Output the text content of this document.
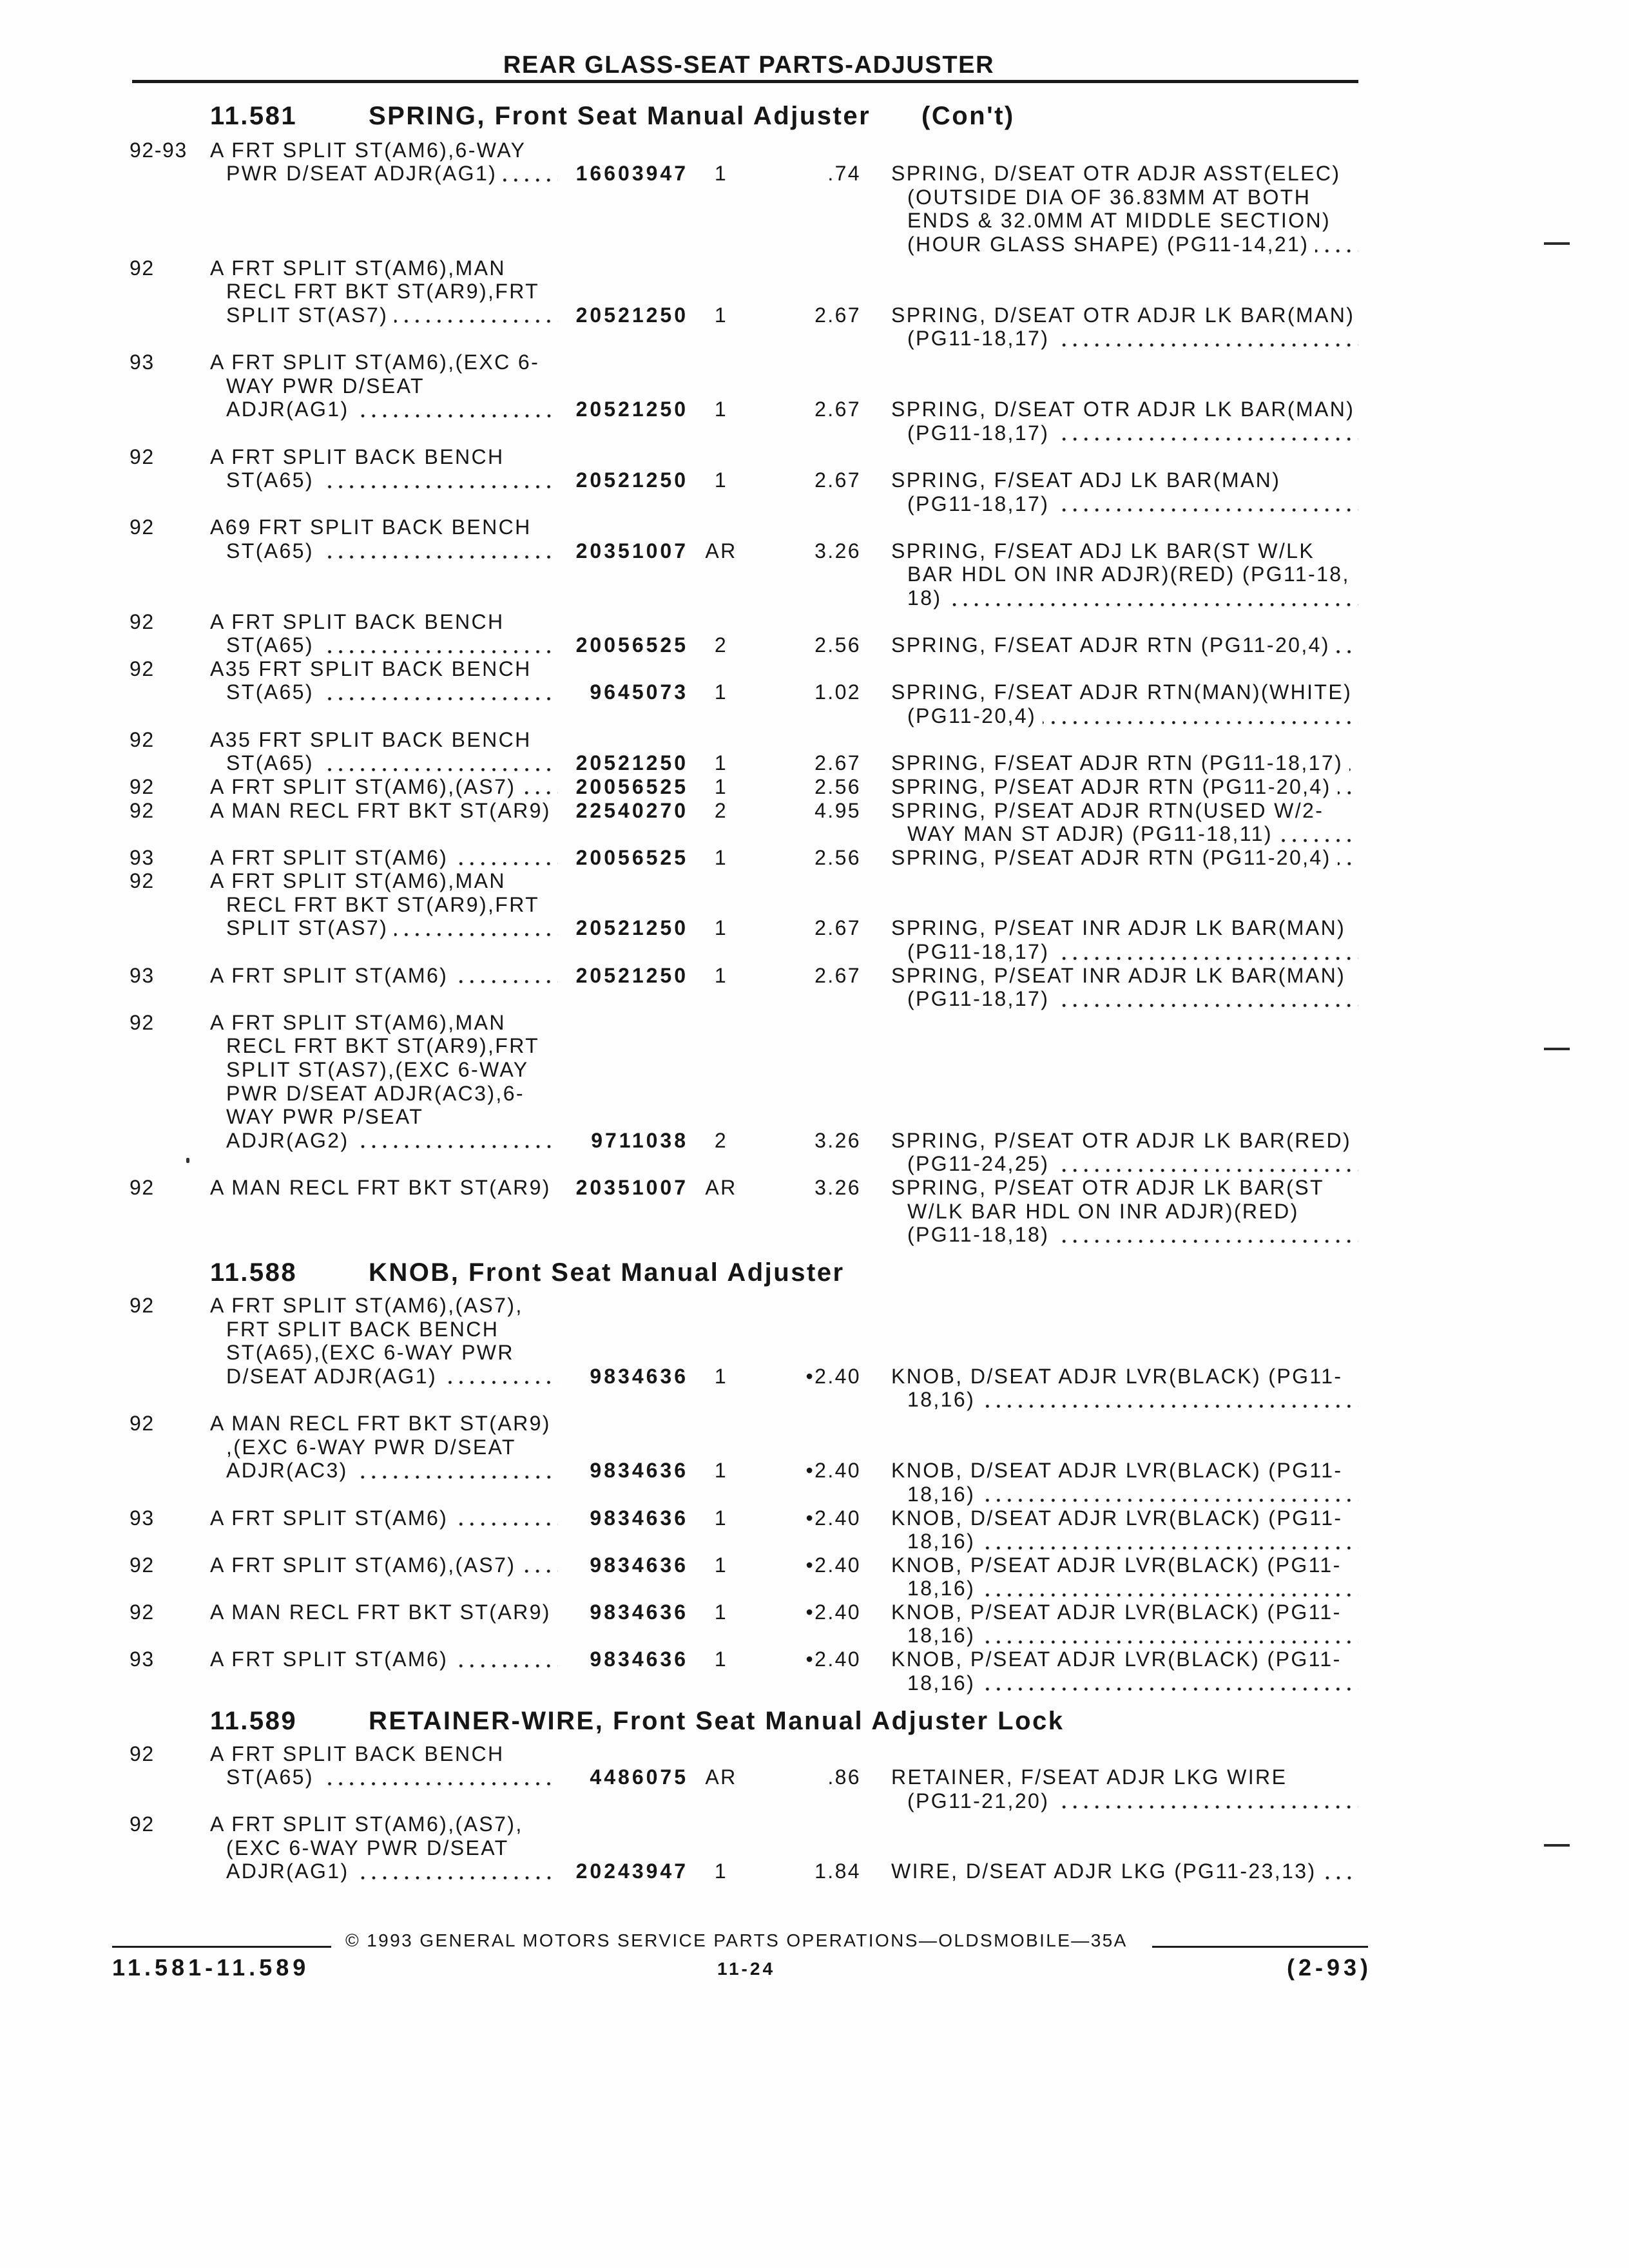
REAR GLASS-SEAT PARTS-ADJUSTER
© 1993 GENERAL MOTORS SERVICE PARTS OPERATIONS—OLDSMOBILE—35A
11.581-11.589	11-24	(2-93)
11.581	SPRING, Front Seat Manual Adjuster (Con't)
92-93 A FRT SPLIT ST(AM6),6-WAY
PWR D/SEAT ADJR(AG1)	16603947	1	.74 SPRING, D/SEAT OTR ADJR ASST(ELEC)
(OUTSIDE DIA OF 36.83MM AT BOTH
ENDS & 32.0MM AT MIDDLE SECTION)
(HOUR GLASS SHAPE) (PG11-14,21)
92	A FRT SPLIT ST(AM6),MAN
RECL FRT BKT ST(AR9),FRT
SPLIT ST(AS7)	20521250	1	2.67 SPRING, D/SEAT OTR ADJR LK BAR(MAN)
(PG11-18,17)
93	A FRT SPLIT ST(AM6),(EXC 6-
WAY PWR D/SEAT
ADJR(AG1)	20521250	1	2.67 SPRING, D/SEAT OTR ADJR LK BAR(MAN)
(PG11-18,17)
92	A FRT SPLIT BACK BENCH
ST(A65)	20521250	1	2.67 SPRING, F/SEAT ADJ LK BAR(MAN)
(PG11-18,17)
92	A69 FRT SPLIT BACK BENCH
ST(A65)	20351007 AR	3.26 SPRING, F/SEAT ADJ LK BAR(ST W/LK
BAR HDL ON INR ADJR)(RED) (PG11-18,
18)
92	A FRT SPLIT BACK BENCH
ST(A65)	20056525	2	2.56 SPRING, F/SEAT ADJR RTN (PG11-20,4)
92	A35 FRT SPLIT BACK BENCH
ST(A65)	9645073	1	1.02 SPRING, F/SEAT ADJR RTN(MAN)(WHITE)
(PG11-20,4)
92	A35 FRT SPLIT BACK BENCH
ST(A65)	20521250	1	2.67 SPRING, F/SEAT ADJR RTN (PG11-18,17)
92	A FRT SPLIT ST(AM6),(AS7)	20056525	1	2.56 SPRING, P/SEAT ADJR RTN (PG11-20,4)
92	A MAN RECL FRT BKT ST(AR9)	22540270	2	4.95 SPRING, P/SEAT ADJR RTN(USED W/2-
WAY MAN ST ADJR) (PG11-18,11)
93	A FRT SPLIT ST(AM6)	20056525	1	2.56 SPRING, P/SEAT ADJR RTN (PG11-20,4)
92	A FRT SPLIT ST(AM6),MAN
RECL FRT BKT ST(AR9),FRT
SPLIT ST(AS7)	20521250	1	2.67 SPRING, P/SEAT INR ADJR LK BAR(MAN)
(PG11-18,17)
93	A FRT SPLIT ST(AM6)	20521250	1	2.67 SPRING, P/SEAT INR ADJR LK BAR(MAN)
(PG11-18,17)
92	A FRT SPLIT ST(AM6),MAN
RECL FRT BKT ST(AR9),FRT
SPLIT ST(AS7),(EXC 6-WAY
PWR D/SEAT ADJR(AC3),6-
WAY PWR P/SEAT
ADJR(AG2)	9711038	2	3.26 SPRING, P/SEAT OTR ADJR LK BAR(RED)
(PG11-24,25)
92	A MAN RECL FRT BKT ST(AR9)	20351007 AR	3.26 SPRING, P/SEAT OTR ADJR LK BAR(ST
W/LK BAR HDL ON INR ADJR)(RED)
(PG11-18,18)
11.588	KNOB, Front Seat Manual Adjuster
92	A FRT SPLIT ST(AM6),(AS7),
FRT SPLIT BACK BENCH
ST(A65),(EXC 6-WAY PWR
D/SEAT ADJR(AG1)	9834636	1	•2.40 KNOB, D/SEAT ADJR LVR(BLACK) (PG11-
18,16)
92	A MAN RECL FRT BKT ST(AR9)
,(EXC 6-WAY PWR D/SEAT
ADJR(AC3)	9834636	1	•2.40 KNOB, D/SEAT ADJR LVR(BLACK) (PG11-
18,16)
93	A FRT SPLIT ST(AM6)	9834636	1	•2.40 KNOB, D/SEAT ADJR LVR(BLACK) (PG11-
18,16)
92	A FRT SPLIT ST(AM6),(AS7)	9834636	1	•2.40 KNOB, P/SEAT ADJR LVR(BLACK) (PG11-
18,16)
92	A MAN RECL FRT BKT ST(AR9)	9834636	1	•2.40 KNOB, P/SEAT ADJR LVR(BLACK) (PG11-
18,16)
93	A FRT SPLIT ST(AM6)	9834636	1	•2.40 KNOB, P/SEAT ADJR LVR(BLACK) (PG11-
18,16)
11.589	RETAINER-WIRE, Front Seat Manual Adjuster Lock
92	A FRT SPLIT BACK BENCH
ST(A65)	4486075 AR	.86 RETAINER, F/SEAT ADJR LKG WIRE
(PG11-21,20)
92	A FRT SPLIT ST(AM6),(AS7),
(EXC 6-WAY PWR D/SEAT
ADJR(AG1)	20243947	1	1.84 WIRE, D/SEAT ADJR LKG (PG11-23,13)
